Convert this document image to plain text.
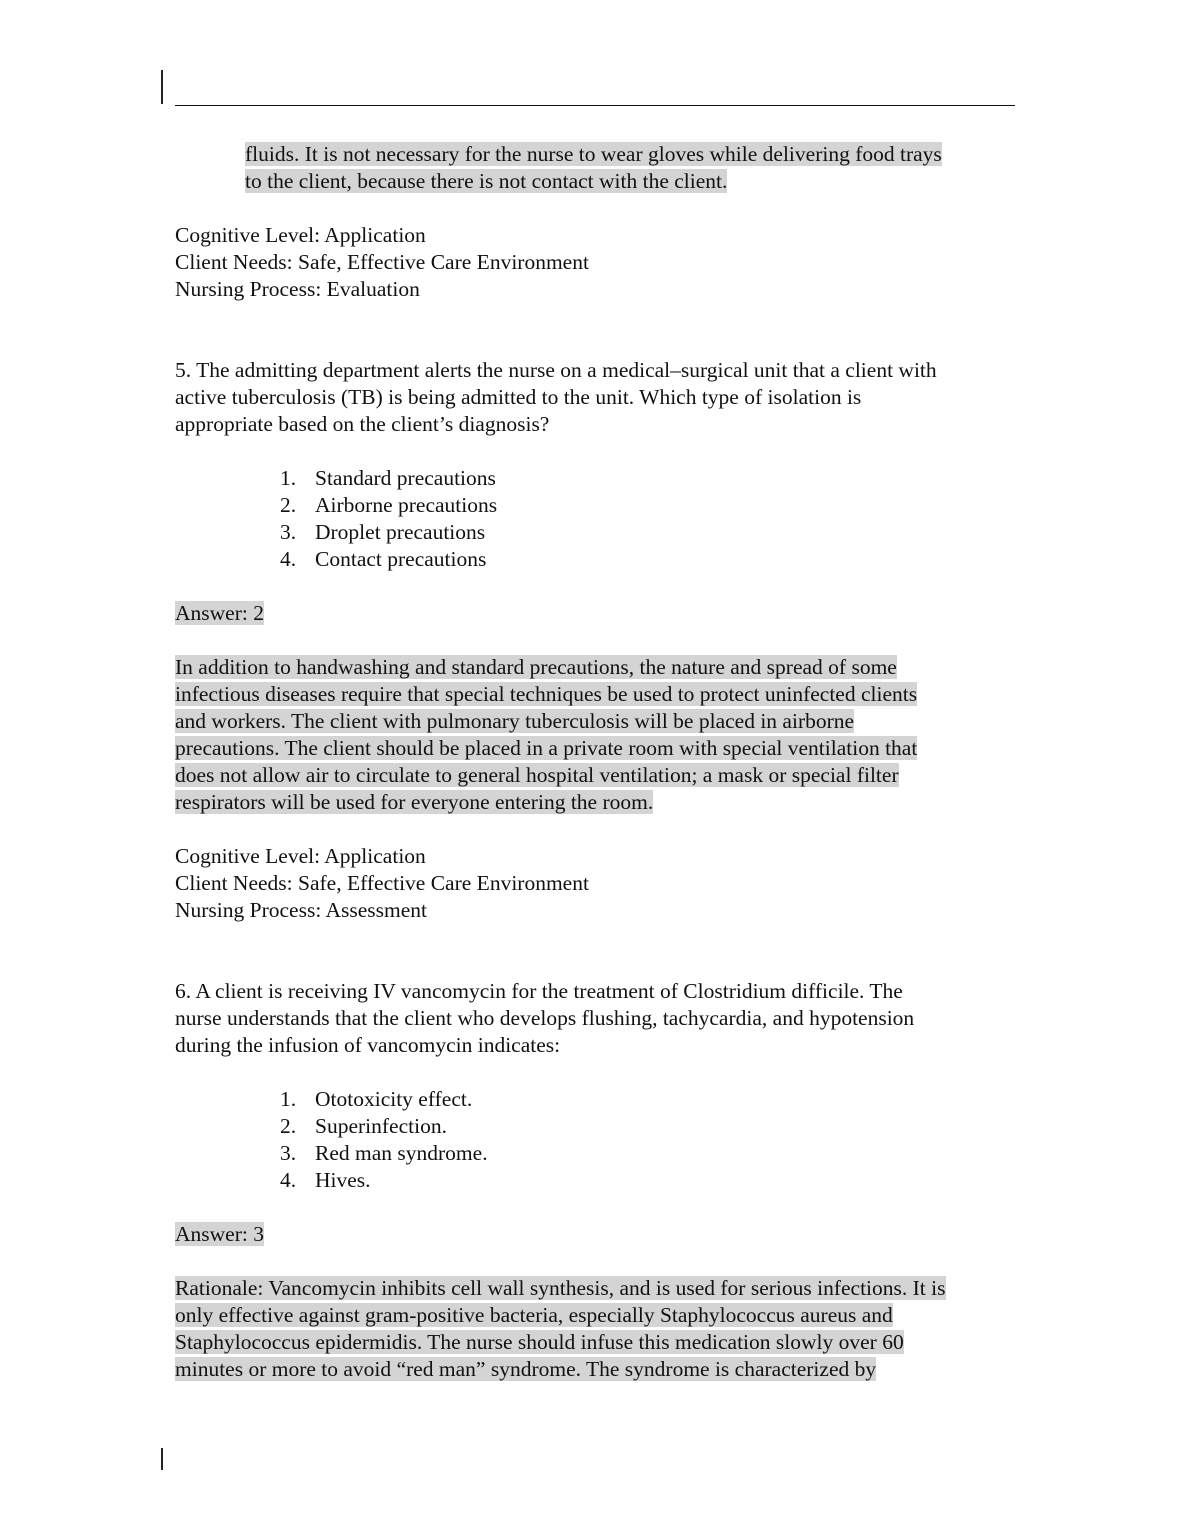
fluids. It is not necessary for the nurse to wear gloves while delivering food trays
to the client, because there is not contact with the client.
Cognitive Level: Application
Client Needs: Safe, Effective Care Environment
Nursing Process: Evaluation
5. The admitting department alerts the nurse on a medical–surgical unit that a client with
active tuberculosis (TB) is being admitted to the unit. Which type of isolation is
appropriate based on the client’s diagnosis?
1. Standard precautions
2. Airborne precautions
3. Droplet precautions
4. Contact precautions
Answer: 2
In addition to handwashing and standard precautions, the nature and spread of some
infectious diseases require that special techniques be used to protect uninfected clients
and workers. The client with pulmonary tuberculosis will be placed in airborne
precautions. The client should be placed in a private room with special ventilation that
does not allow air to circulate to general hospital ventilation; a mask or special filter
respirators will be used for everyone entering the room.
Cognitive Level: Application
Client Needs: Safe, Effective Care Environment
Nursing Process: Assessment
6. A client is receiving IV vancomycin for the treatment of Clostridium difficile. The
nurse understands that the client who develops flushing, tachycardia, and hypotension
during the infusion of vancomycin indicates:
1. Ototoxicity effect.
2. Superinfection.
3. Red man syndrome.
4. Hives.
Answer: 3
Rationale: Vancomycin inhibits cell wall synthesis, and is used for serious infections. It is
only effective against gram-positive bacteria, especially Staphylococcus aureus and
Staphylococcus epidermidis. The nurse should infuse this medication slowly over 60
minutes or more to avoid “red man” syndrome. The syndrome is characterized by
